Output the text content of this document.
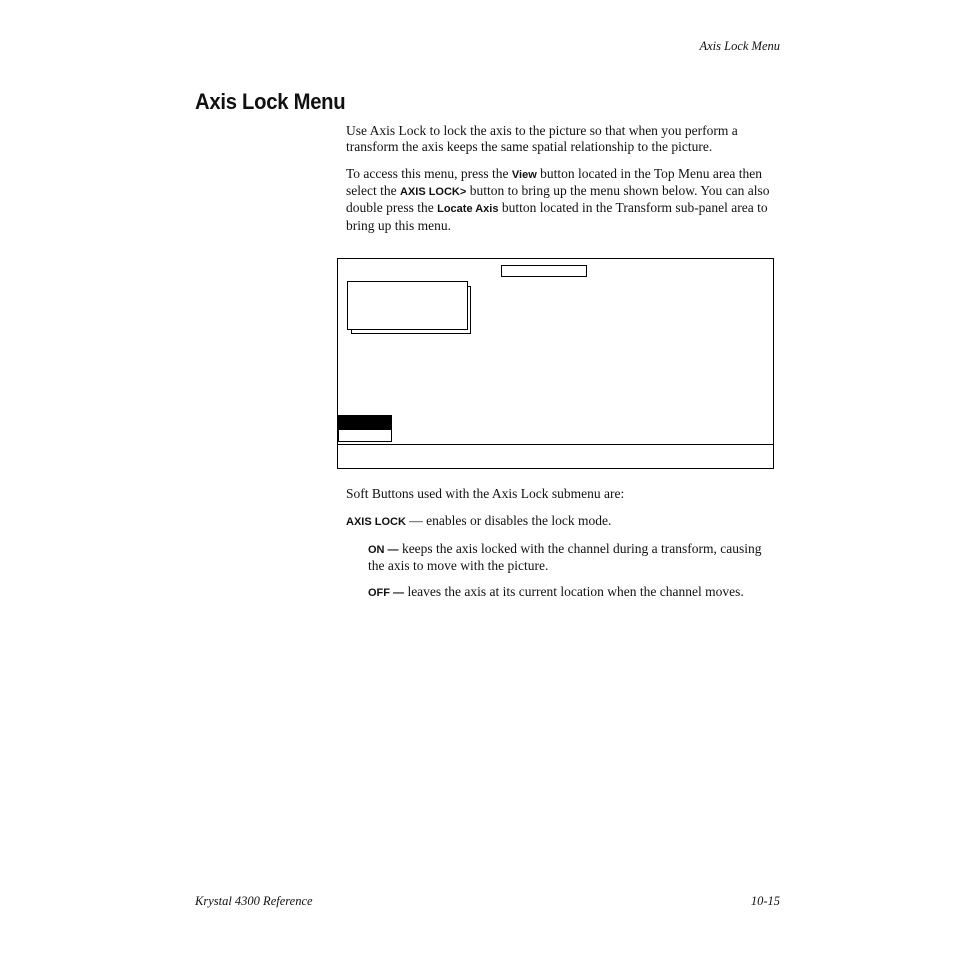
Axis Lock Menu
Axis Lock Menu

Use Axis Lock to lock the axis to the picture so that when you perform a transform the axis keeps the same spatial relationship to the picture.

To access this menu, press the View button located in the Top Menu area then select the AXIS LOCK> button to bring up the menu shown below. You can also double press the Locate Axis button located in the Transform sub-panel area to bring up this menu.

Soft Buttons used with the Axis Lock submenu are:

AXIS LOCK — enables or disables the lock mode.

ON — keeps the axis locked with the channel during a transform, causing the axis to move with the picture.

OFF — leaves the axis at its current location when the channel moves.

Krystal 4300 Reference	10-15
